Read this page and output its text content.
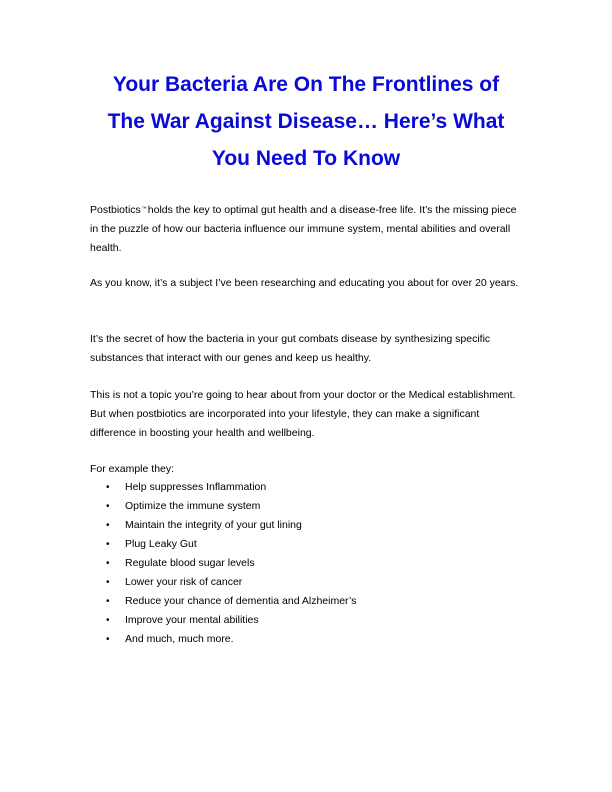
Your Bacteria Are On The Frontlines of
The War Against Disease… Here’s What
You Need To Know

Postbiotics™holds the key to optimal gut health and a disease-free life. It’s the missing piece in the puzzle of how our bacteria influence our immune system, mental abilities and overall health.

As you know, it’s a subject I’ve been researching and educating you about for over 20 years.

It’s the secret of how the bacteria in your gut combats disease by synthesizing specific substances that interact with our genes and keep us healthy.

This is not a topic you’re going to hear about from your doctor or the Medical establishment. But when postbiotics are incorporated into your lifestyle, they can make a significant difference in boosting your health and wellbeing.

For example they:

• Help suppresses Inflammation
• Optimize the immune system
• Maintain the integrity of your gut lining
• Plug Leaky Gut
• Regulate blood sugar levels
• Lower your risk of cancer
• Reduce your chance of dementia and Alzheimer’s
• Improve your mental abilities
• And much, much more.
